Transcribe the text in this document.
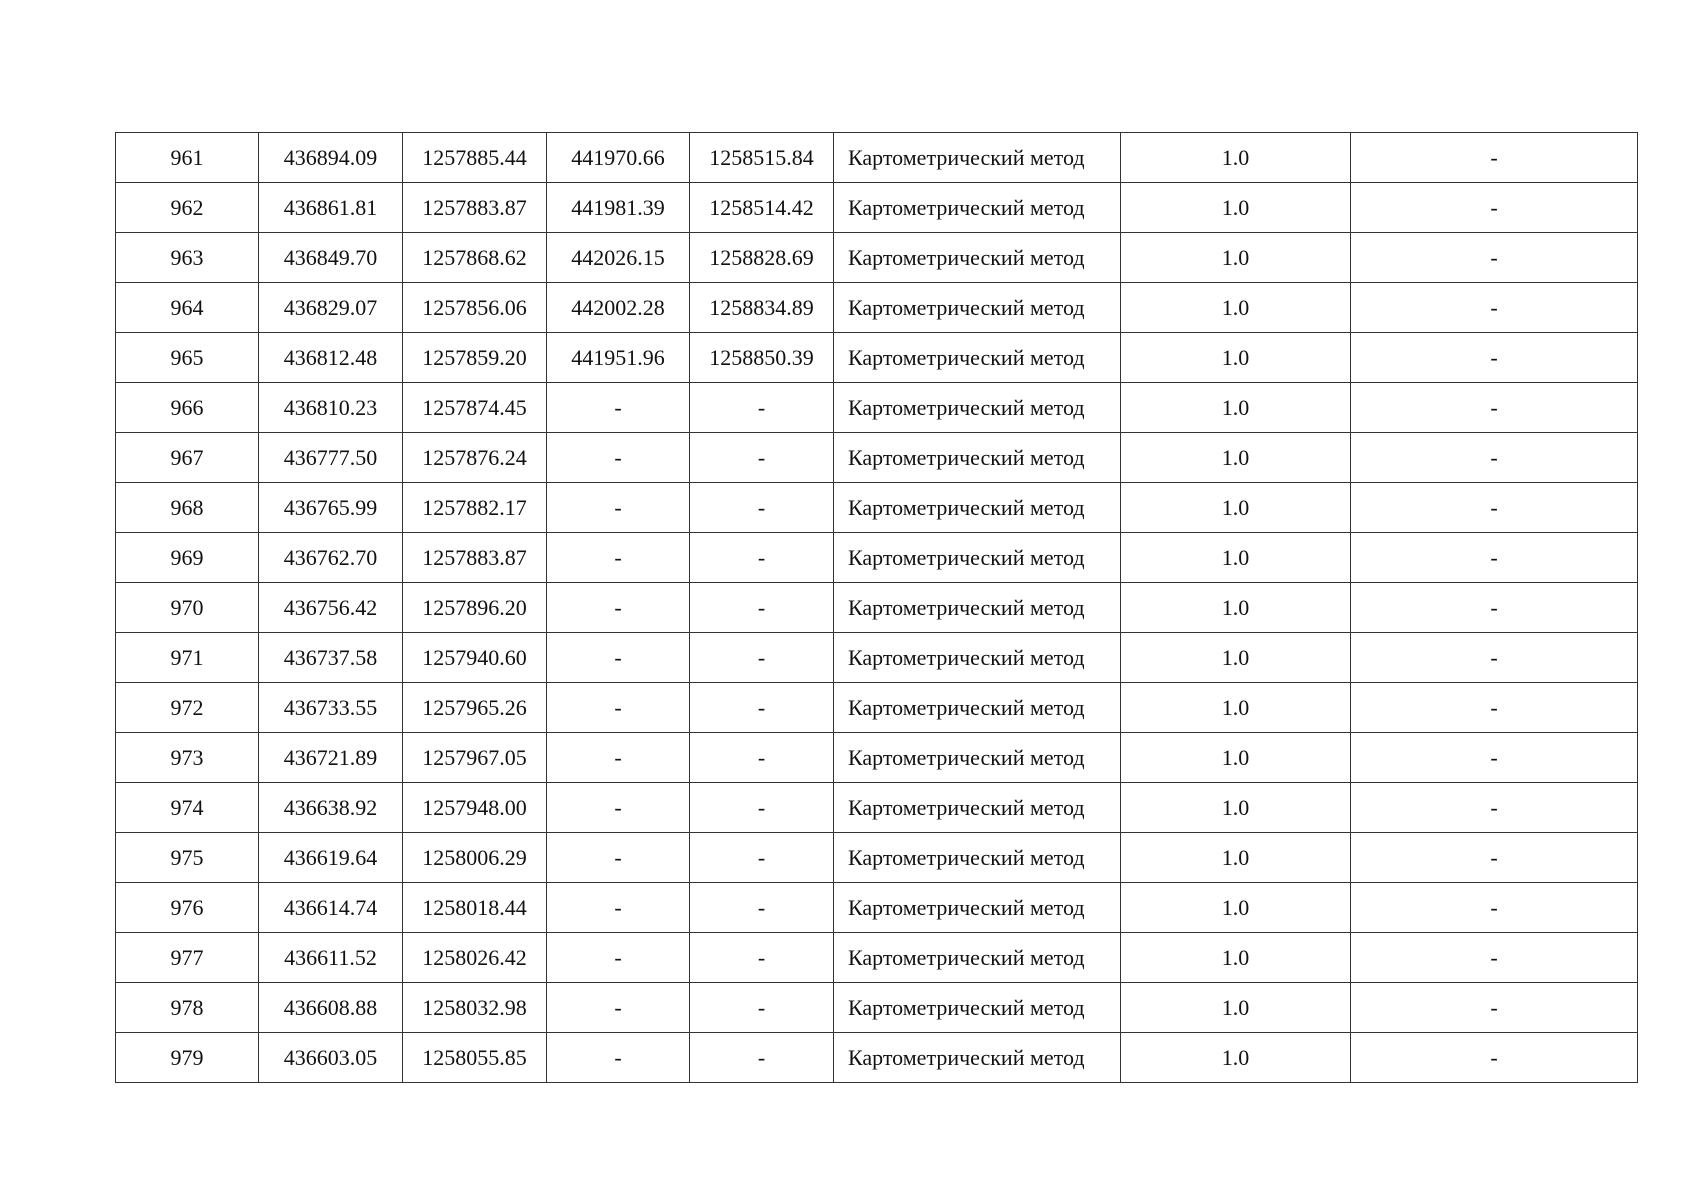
961	436894.09	1257885.44	441970.66	1258515.84	Картометрический метод	1.0	-
962	436861.81	1257883.87	441981.39	1258514.42	Картометрический метод	1.0	-
963	436849.70	1257868.62	442026.15	1258828.69	Картометрический метод	1.0	-
964	436829.07	1257856.06	442002.28	1258834.89	Картометрический метод	1.0	-
965	436812.48	1257859.20	441951.96	1258850.39	Картометрический метод	1.0	-
966	436810.23	1257874.45	-	-	Картометрический метод	1.0	-
967	436777.50	1257876.24	-	-	Картометрический метод	1.0	-
968	436765.99	1257882.17	-	-	Картометрический метод	1.0	-
969	436762.70	1257883.87	-	-	Картометрический метод	1.0	-
970	436756.42	1257896.20	-	-	Картометрический метод	1.0	-
971	436737.58	1257940.60	-	-	Картометрический метод	1.0	-
972	436733.55	1257965.26	-	-	Картометрический метод	1.0	-
973	436721.89	1257967.05	-	-	Картометрический метод	1.0	-
974	436638.92	1257948.00	-	-	Картометрический метод	1.0	-
975	436619.64	1258006.29	-	-	Картометрический метод	1.0	-
976	436614.74	1258018.44	-	-	Картометрический метод	1.0	-
977	436611.52	1258026.42	-	-	Картометрический метод	1.0	-
978	436608.88	1258032.98	-	-	Картометрический метод	1.0	-
979	436603.05	1258055.85	-	-	Картометрический метод	1.0	-
